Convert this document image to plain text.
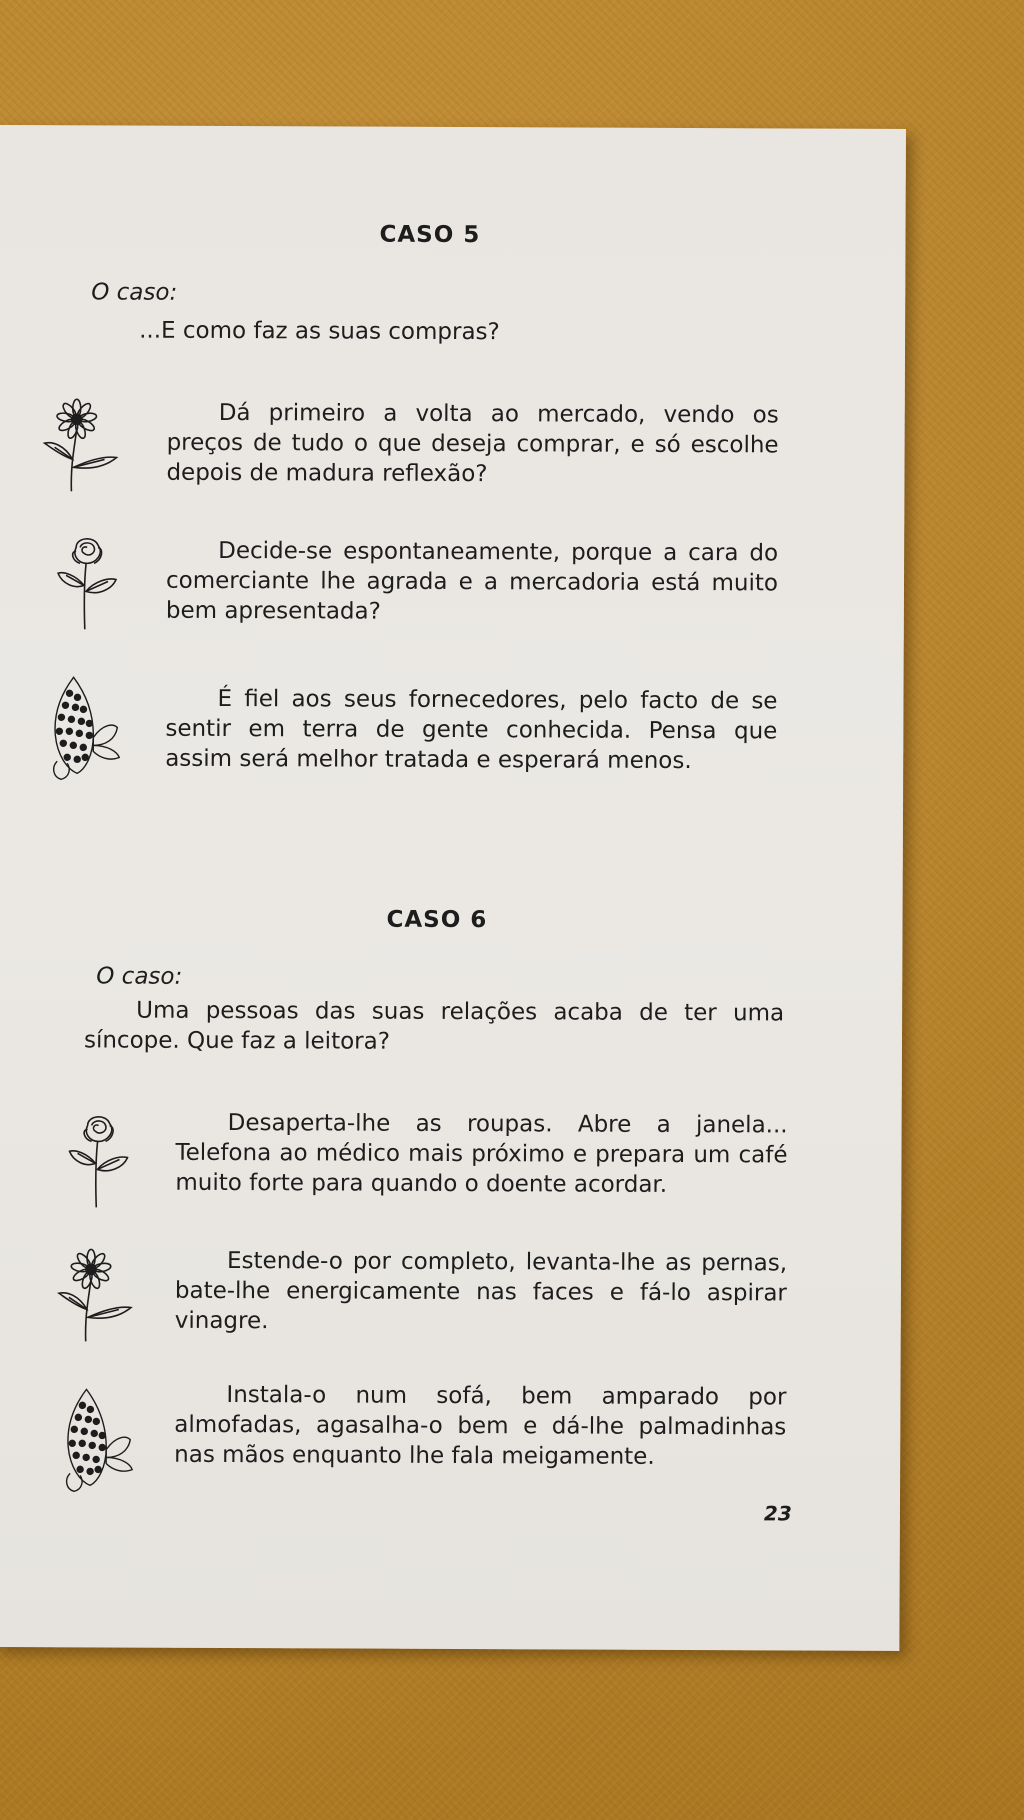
CASO 5
O caso:
...E como faz as suas compras?

Dá primeiro a volta ao mercado, vendo os preços de tudo o que deseja comprar, e só escolhe depois de madura reflexão?

Decide-se espontaneamente, porque a cara do comerciante lhe agrada e a mercadoria está muito bem apresentada?

É fiel aos seus fornecedores, pelo facto de se sentir em terra de gente conhecida. Pensa que assim será melhor tratada e esperará menos.

CASO 6
O caso:

Uma pessoas das suas relações acaba de ter uma síncope. Que faz a leitora?

Desaperta-lhe as roupas. Abre a janela... Telefona ao médico mais próximo e prepara um café muito forte para quando o doente acordar.

Estende-o por completo, levanta-lhe as pernas, bate-lhe energicamente nas faces e fá-lo aspirar vinagre.

Instala-o num sofá, bem amparado por almofadas, agasalha-o bem e dá-lhe palmadinhas nas mãos enquanto lhe fala meigamente.

23
